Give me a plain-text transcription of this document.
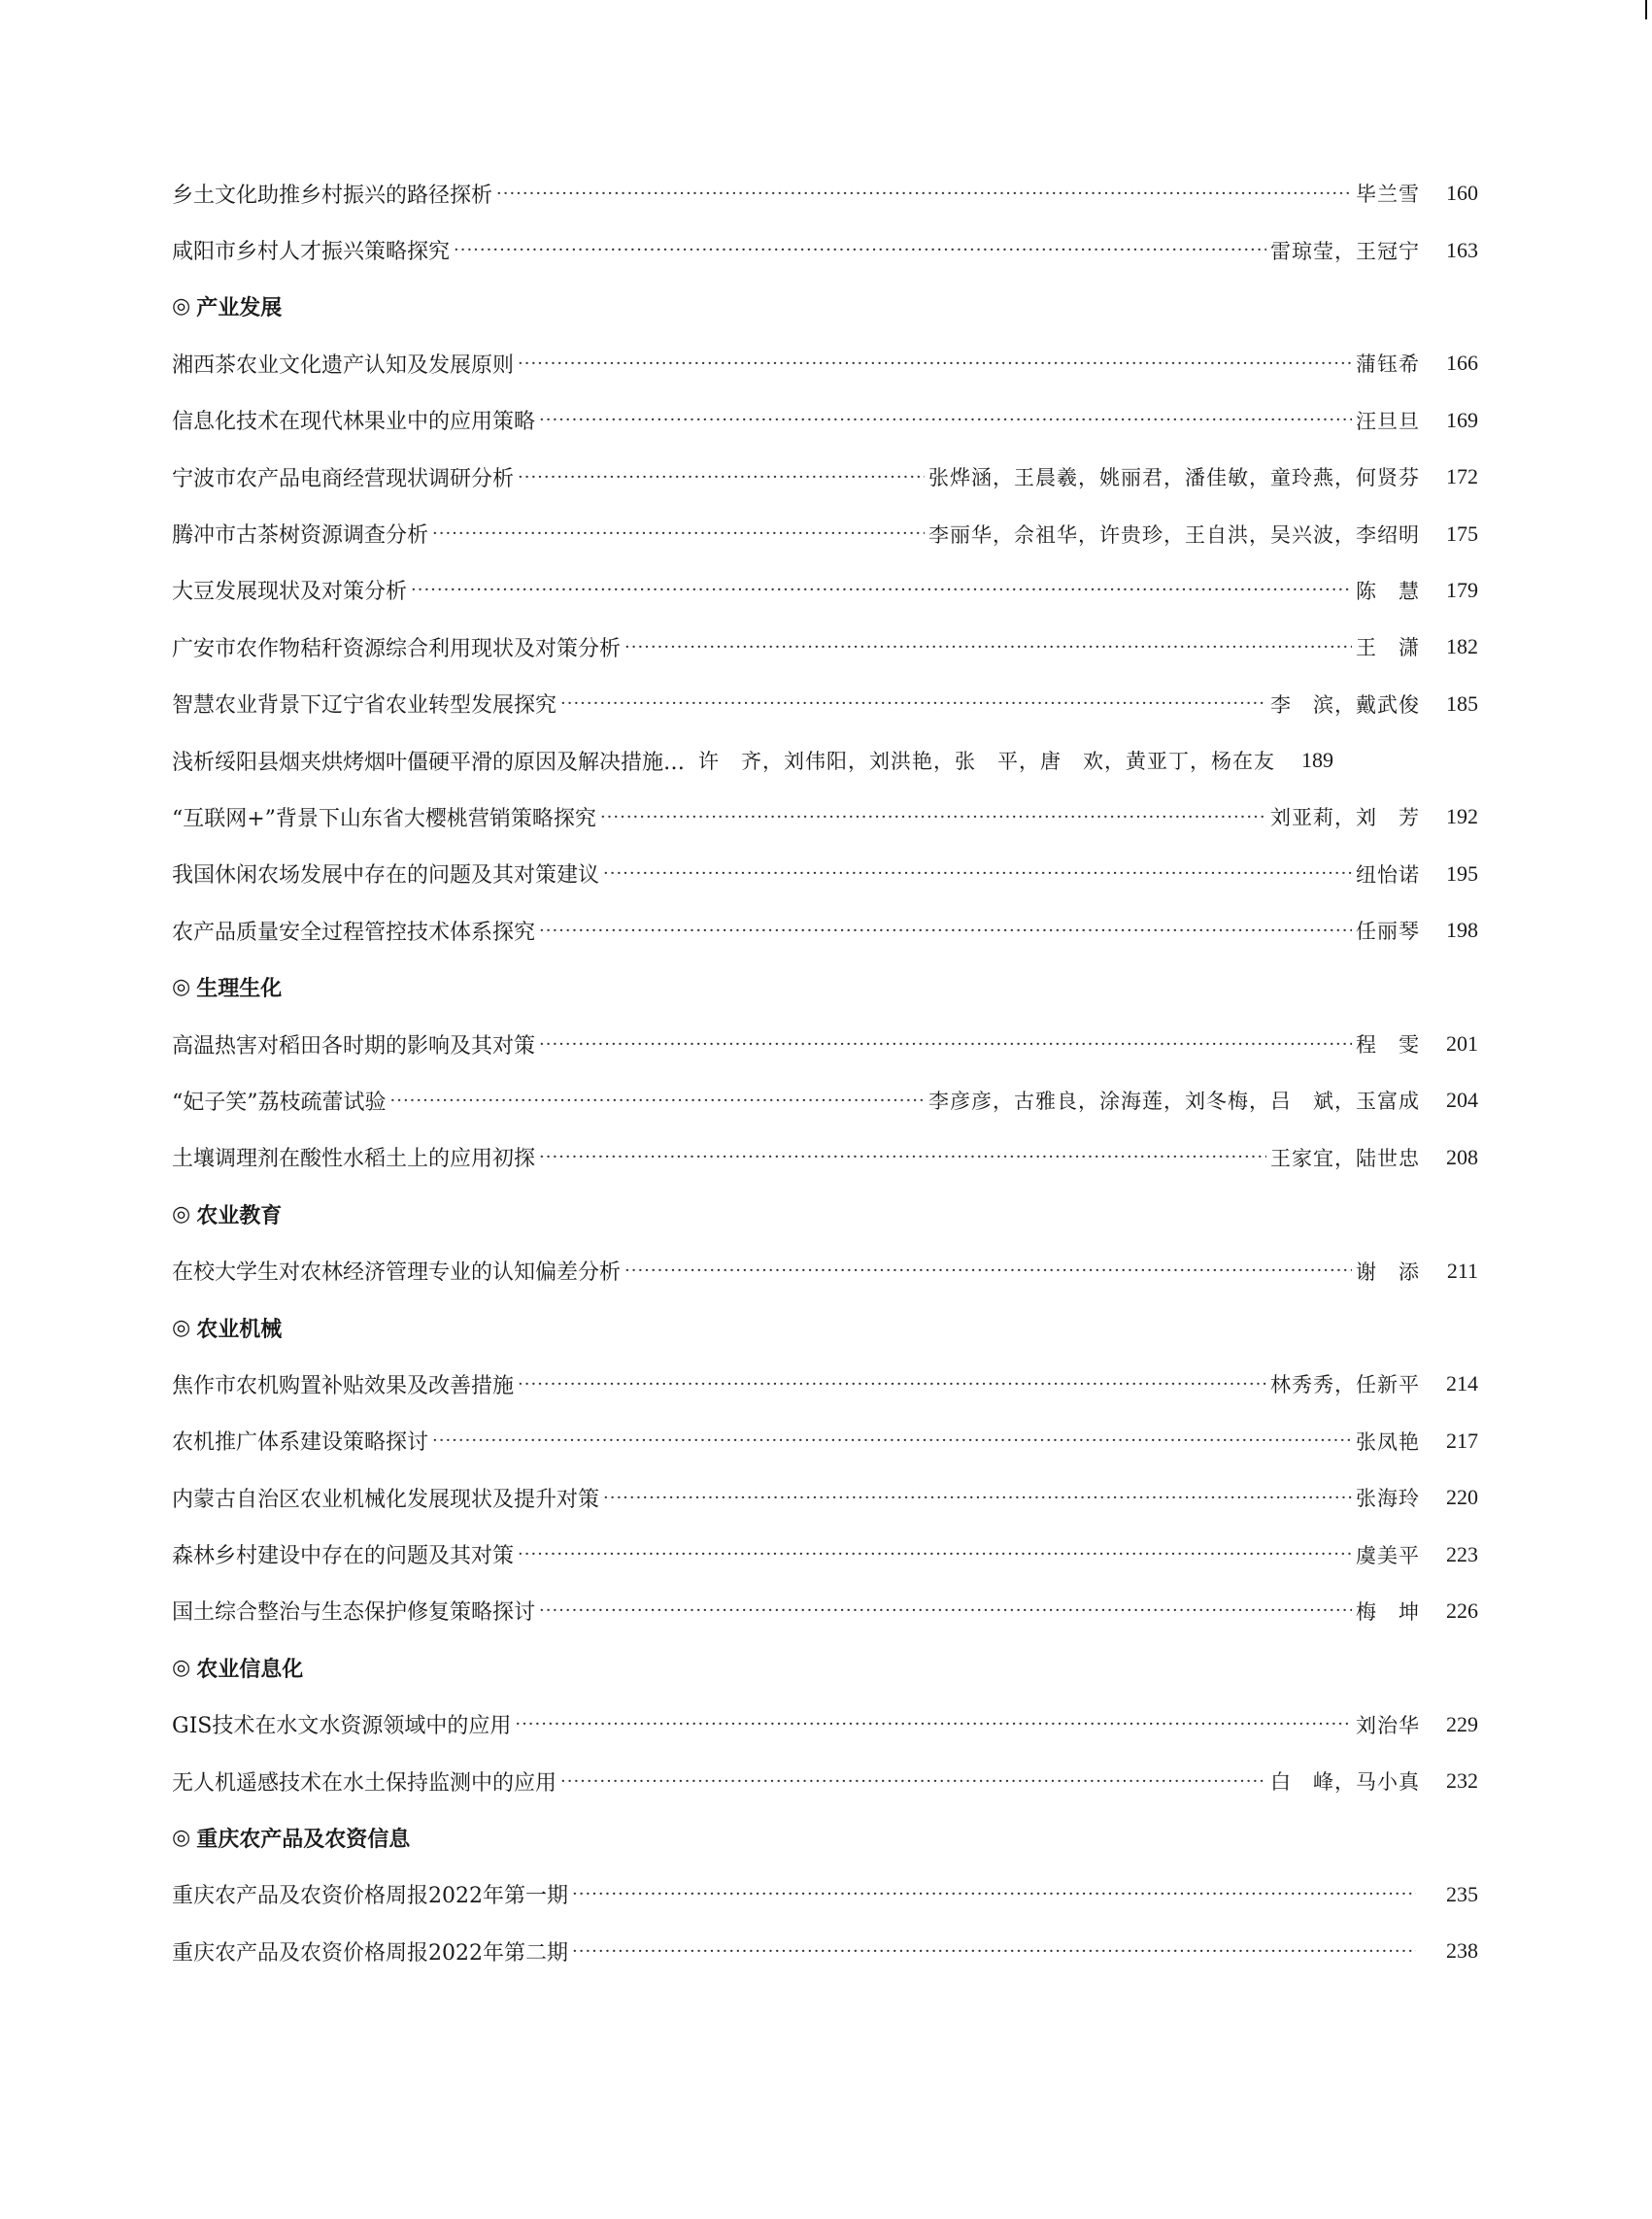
乡土文化助推乡村振兴的路径探析 ·····	毕兰雪	160
咸阳市乡村人才振兴策略探究 ·····	雷琼莹，王冠宁	163
◎ 产业发展
湘西茶农业文化遗产认知及发展原则 ·····	蒲钰希	166
信息化技术在现代林果业中的应用策略 ·····	汪旦旦	169
宁波市农产品电商经营现状调研分析 ·····	张烨涵，王晨羲，姚丽君，潘佳敏，童玲燕，何贤芬	172
腾冲市古茶树资源调查分析 ·····	李丽华，佘祖华，许贵珍，王自洪，吴兴波，李绍明	175
大豆发展现状及对策分析 ·····	陈　慧	179
广安市农作物秸秆资源综合利用现状及对策分析 ·····	王　潇	182
智慧农业背景下辽宁省农业转型发展探究 ·····	李　滨，戴武俊	185
浅析绥阳县烟夹烘烤烟叶僵硬平滑的原因及解决措施… 许　齐，刘伟阳，刘洪艳，张　平，唐　欢，黄亚丁，杨在友	189
“互联网+”背景下山东省大樱桃营销策略探究 ·····	刘亚莉，刘　芳	192
我国休闲农场发展中存在的问题及其对策建议 ·····	纽怡诺	195
农产品质量安全过程管控技术体系探究 ·····	任丽琴	198
◎ 生理生化
高温热害对稻田各时期的影响及其对策 ·····	程　雯	201
“妃子笑”荔枝疏蕾试验 ·····	李彦彦，古雅良，涂海莲，刘冬梅，吕　斌，玉富成	204
土壤调理剂在酸性水稻土上的应用初探 ·····	王家宜，陆世忠	208
◎ 农业教育
在校大学生对农林经济管理专业的认知偏差分析 ·····	谢　添	211
◎ 农业机械
焦作市农机购置补贴效果及改善措施 ·····	林秀秀，任新平	214
农机推广体系建设策略探讨 ·····	张凤艳	217
内蒙古自治区农业机械化发展现状及提升对策 ·····	张海玲	220
森林乡村建设中存在的问题及其对策 ·····	虞美平	223
国土综合整治与生态保护修复策略探讨 ·····	梅　坤	226
◎ 农业信息化
GIS技术在水文水资源领域中的应用 ·····	刘治华	229
无人机遥感技术在水土保持监测中的应用 ·····	白　峰，马小真	232
◎ 重庆农产品及农资信息
重庆农产品及农资价格周报2022年第一期 ·····	235
重庆农产品及农资价格周报2022年第二期 ·····	238
